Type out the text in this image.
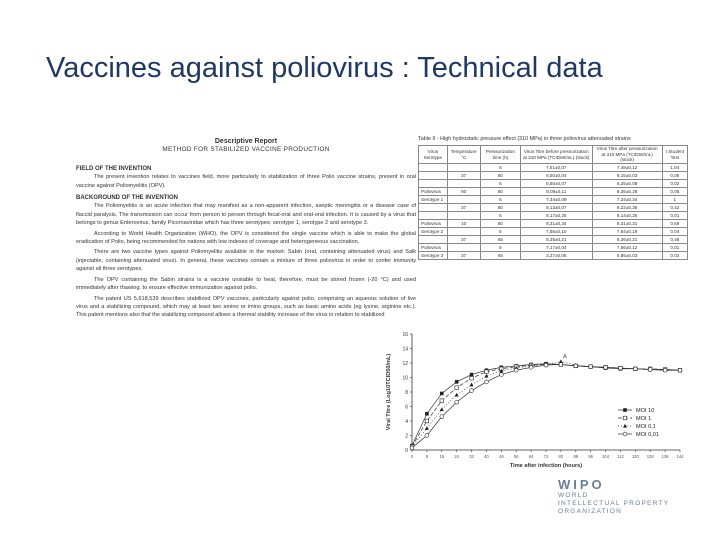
Vaccines against poliovirus : Technical data
Descriptive Report
METHOD FOR STABILIZED VACCINE PRODUCTION
FIELD OF THE INVENTION

The present invention relates to vaccines field, more particularly to stabilization of three Polio vaccine strains, present in oral vaccine against Poliomyelitis (OPV).

BACKGROUND OF THE INVENTION

The Poliomyelitis is an acute infection that may manifest as a non-apparent infection, aseptic meningitis or a disease case of flaccid paralysis. The transmission can occur from person to person through fecal-oral and oral-oral infection. It is caused by a virus that belongs to genus Enterovirus, family Picornaviridae which has three serotypes: serotype 1, serotype 2 and serotype 3.

According to World Health Organization (WHO), the OPV is considered the single vaccine which is able to make the global eradication of Polio, being recommended for nations with low indexes of coverage and heterogeneous vaccination.

There are two vaccine types against Poliomyelitis available in the market: Sabin (oral, containing attenuated virus) and Salk (injectable, containing attenuated virus). In general, these vaccines contain a mixture of three poliovirus in order to confer immunity against all three serotypes.

The OPV containing the Sabin strains is a vaccine unstable to heat, therefore, must be stored frozen (-20 °C) and used immediately after thawing, to ensure effective immunization against polio.

The patent US 5,618,539 describes stabilized OPV vaccines, particularly against polio, comprising an aqueous solution of live virus and a stabilizing compound, which may at least two amino or imino groups, such as basic amino acids (eg lysine, arginine etc.). This patent mentions also that the stabilizing compound allows a thermal stability increase of the virus in relation to stabilized

Table II - High hydrostatic pressure effect (310 MPa) in three poliovirus attenuated strains
Virus Serotype	Temperature °C	Pressurization time (h)	Virus Titre before pressurization at 310 MPa (TCID50/mL) (stock)	Virus Titre after pressurization at 310 MPa (TCID50/mL) (stock)	t Student Test
		5	7,51±0,07	7,48±0,12	1,04
	37	60	8,50±0,04	8,15±0,03	0,06
		5	8,50±0,07	8,25±0,08	0,02
Poliovirus	60	60	8,09±0,11	8,35±0,28	0,05
Serotype 1		5	7,34±0,09	7,34±0,34	1
	37	60	8,13±0,07	8,22±0,35	0,42
		5	8,17±0,25	8,14±0,25	0,01
Poliovirus	10	60	8,31±0,34	8,31±0,31	0,69
Serotype 2		5	7,56±0,10	7,64±0,19	0,04
	37	65	8,35±0,21	8,36±0,21	0,48
Poliovirus		5	7,17±0,04	7,66±0,12	0,01
Serotype 3	37	65	3,27±0,06	5,85±0,03	0,02
0
2
4
6
8
10
12
14
16
0	8	16 24 32 40 48 56 64 72 80 88 96 104 112 120 128 136 144
Time after infection (hours)
Viral Titre (Log10TCID50/mL)	A
MOI 10
MOI 1
MOI 0,1
MOI 0,01
WIPO
WORLD
INTELLECTUAL PROPERTY
ORGANIZATION
